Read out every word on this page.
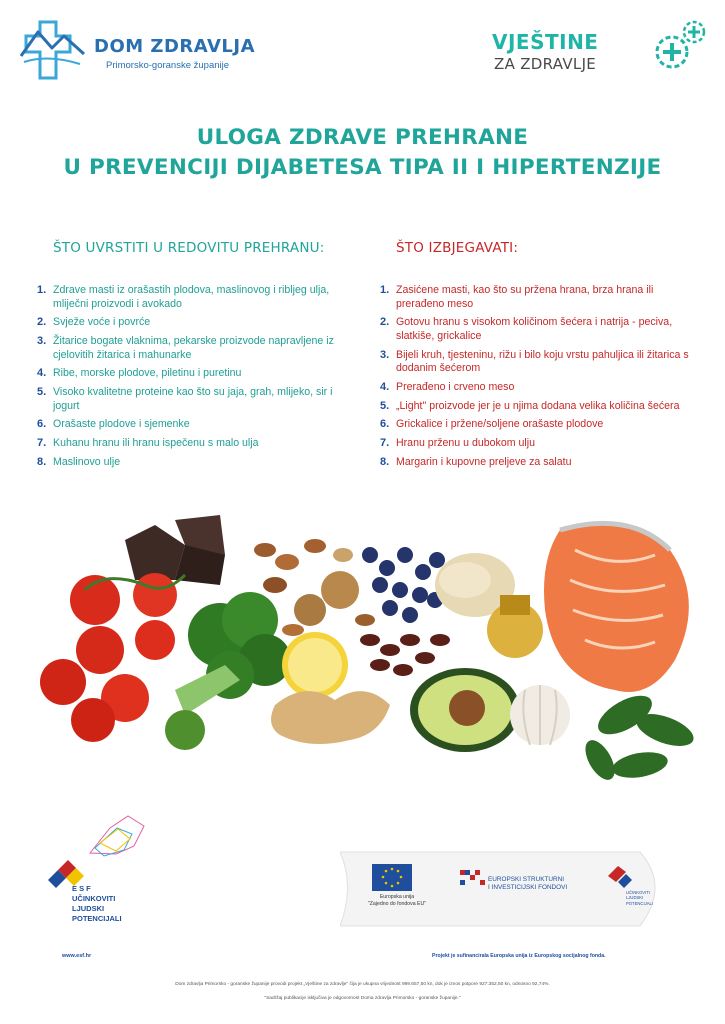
DOM ZDRAVLJA
Primorsko-goranske županije
VJEŠTINE
ZA ZDRAVLJE
ULOGA ZDRAVE PREHRANE
U PREVENCIJI DIJABETESA TIPA II I HIPERTENZIJE
ŠTO UVRSTITI U REDOVITU PREHRANU:
1. Zdrave masti iz orašastih plodova, maslinovog i ribljeg ulja, mliječni proizvodi i avokado
2. Svježe voće i povrće
3. Žitarice bogate vlaknima, pekarske proizvode napravljene iz cjelovitih žitarica i mahunarke
4. Ribe, morske plodove, piletinu i puretinu
5. Visoko kvalitetne proteine kao što su jaja, grah, mlijeko, sir i jogurt
6. Orašaste plodove i sjemenke
7. Kuhanu hranu ili hranu ispečenu s malo ulja
8. Maslinovo ulje
ŠTO IZBJEGAVATI:
1. Zasićene masti, kao što su pržena hrana, brza hrana ili prerađeno meso
2. Gotovu hranu s visokom količinom šećera i natrija - peciva, slatkiše, grickalice
3. Bijeli kruh, tjesteninu, rižu i bilo koju vrstu pahuljica ili žitarica s dodanim šećerom
4. Prerađeno i crveno meso
5. „Light" proizvode jer je u njima dodana velika količina šećera
6. Grickalice i pržene/soljene orašaste plodove
7. Hranu prženu u dubokom ulju
8. Margarin i kupovne preljeve za salatu
E S F
UČINKOVITI
LJUDSKI
POTENCIJALI
www.esf.hr
Europska unija
"Zajedno do fondova EU"
EUROPSKI STRUKTURNI
I INVESTICIJSKI FONDOVI
UČINKOVITI
LJUDSKI
POTENCIJALI
Projekt je sufinancirala Europska unija iz Europskog socijalnog fonda.
Dom zdravlja Primorsko - goranske županije provodi projekt „Vještine za zdravlje" čija je ukupna vrijednost 999.657,50 kn, dok je iznos potpore 927.352,50 kn, odnosno 92,74%.
"Sadržaj publikacije isključiva je odgovornost Doma zdravlja Primorsko - goranske županije."
